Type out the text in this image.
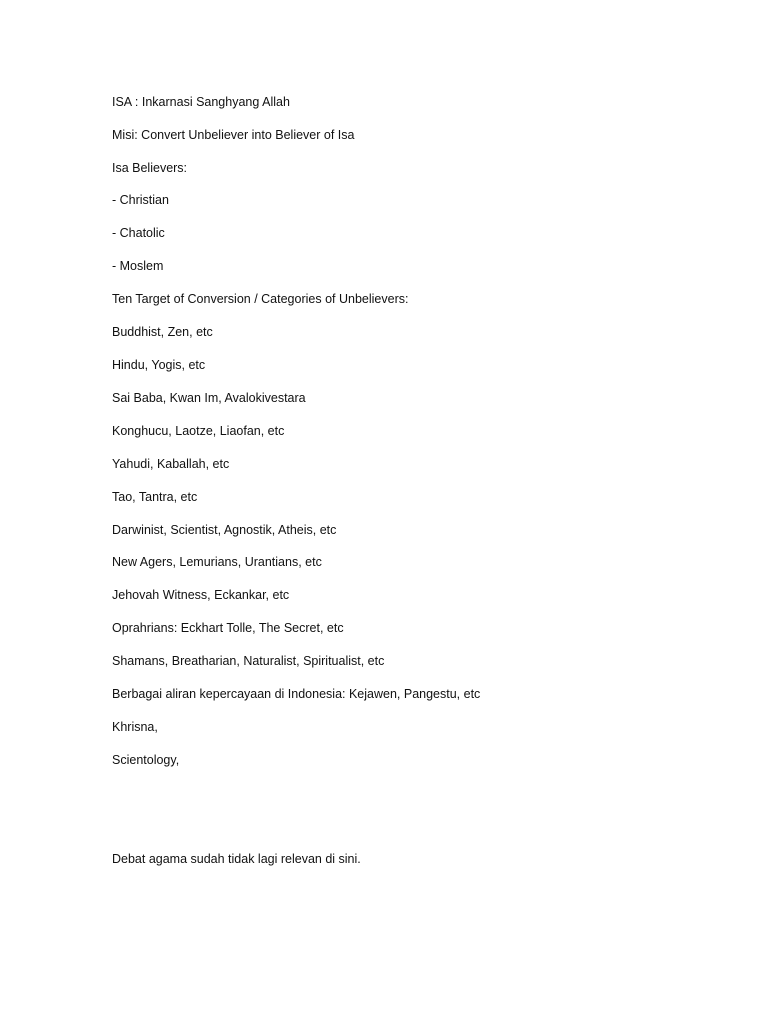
ISA : Inkarnasi Sanghyang Allah

Misi: Convert Unbeliever into Believer of Isa

Isa Believers:

- Christian

- Chatolic

- Moslem

Ten Target of Conversion / Categories of Unbelievers:

Buddhist, Zen, etc

Hindu, Yogis, etc

Sai Baba, Kwan Im, Avalokivestara

Konghucu, Laotze, Liaofan, etc

Yahudi, Kaballah, etc

Tao, Tantra, etc

Darwinist, Scientist, Agnostik, Atheis, etc

New Agers, Lemurians, Urantians, etc

Jehovah Witness, Eckankar, etc

Oprahrians: Eckhart Tolle, The Secret, etc

Shamans, Breatharian, Naturalist, Spiritualist, etc

Berbagai aliran kepercayaan di Indonesia: Kejawen, Pangestu, etc

Khrisna,

Scientology,

Debat agama sudah tidak lagi relevan di sini.
